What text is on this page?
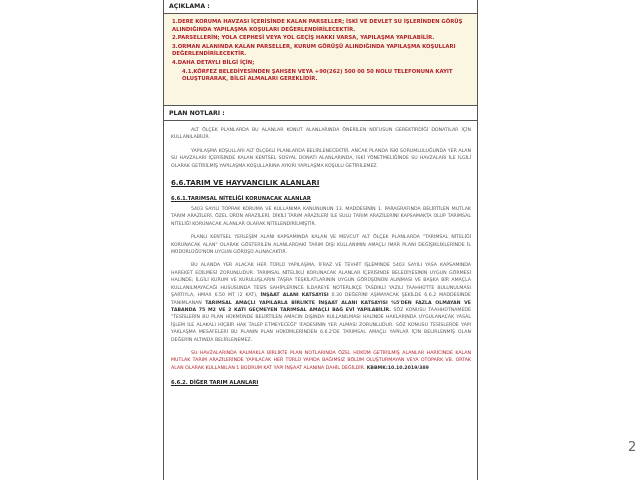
AÇIKLAMA :
1.DERE KORUMA HAVZASI İÇERİSİNDE KALAN PARSELLER; İSKİ VE DEVLET SU İŞLERİNDEN GÖRÜŞ ALINDIĞINDA YAPILAŞMA KOŞULARI DEĞERLENDİRİLECEKTİR.
2.PARSELLERİN; YOLA CEPHESİ VEYA YOL GEÇİŞ HAKKI VARSA, YAPILAŞMA YAPILABİLİR.
3.ORMAN ALANINDA KALAN PARSELLER, KURUM GÖRÜŞÜ ALINDIĞINDA YAPILAŞMA KOŞULLARI DEĞERLENDİRİLECEKTİR.
4.DAHA DETAYLI BİLGİ İÇİN;
4.1.KÖRFEZ BELEDİYESİNDEN ŞAHSEN VEYA +90(262) 500 00 50 NOLU TELEFONUNA KAYIT OLUŞTURARAK, BİLGİ ALMALARI GEREKLİDİR.
PLAN NOTLARI :

ALT ÖLÇEK PLANLARDA BU ALANLAR KONUT ALANLARINDA ÖNERİLEN NÜFUSUN GEREKTİRDİĞİ DONATILAR İÇİN KULLANILABİLİR.

YAPILAŞMA KOŞULLARI ALT ÖLÇEKLİ PLANLARDA BELİRLENECEKTİR. ANCAK PLANDA İSKİ SORUMLULUĞUNDA YER ALAN SU HAVZALARI İÇERİSİNDE KALAN KENTSEL SOSYAL DONATI ALANLARINDA, İSKİ YÖNETMELİĞİNDE SU HAVZALARI İLE İLGİLİ OLARAK GETİRİLMİŞ YAPILAŞMA KOŞULLARINA AYKIRI YAPILAŞMA KOŞULU GETİRİLEMEZ.

6.6.TARIM VE HAYVANCILIK ALANLARI
6.6.1.TARIMSAL NİTELİĞİ KORUNACAK ALANLAR

5403 SAYILI TOPRAK KORUMA VE KULLANIMA KANUNUNUN 13. MADDESİNİN 1. PARAGRAFINDA BELİRTİLEN MUTLAK TARIM ARAZİLERİ, ÖZEL ÜRÜN ARAZİLERİ, DİKİLİ TARIM ARAZİLERİ İLE SULU TARIM ARAZİLERİNİ KAPSAMAKTA OLUP TARIMSAL NİTELİĞİ KORUNACAK ALANLAR OLARAK NİTELENDİRİLMİŞTİR.

PLANLI KENTSEL YERLEŞİM ALANI KAPSAMINDA KALAN VE MEVCUT ALT ÖLÇEK PLANLARDA "TARIMSAL NİTELİĞİ KORUNACAK ALAN" OLARAK GÖSTERİLEN ALANLARDAKİ TARIM DIŞI KULLANIMIN AMAÇLI İMAR PLANI DEĞİŞİKLİKLERİNDE İL MÜDÜRLÜĞÜ'NÜN UYGUN GÖRÜŞÜ ALINACAKTIR.

BU ALANDA YER ALACAK HER TÜRLÜ YAPILAŞMA, İFRAZ VE TEVHİT İŞLEMİNDE 5403 SAYILI YASA KAPSAMINDA HAREKET EDİLMESİ ZORUNLUDUR. TARIMSAL NİTELİKLİ KORUNACAK ALANLAR İÇERİSİNDE BELEDİYESİNİN UYGUN GÖRMESİ HALİNDE; İLGİLİ KURUM VE KURULUŞLARIN TAŞRA TEŞKİLATLARININ UYGUN GÖRÜŞÜNÜN ALINMASI VE BAŞKA BİR AMAÇLA KULLANILMAYACAĞI HUSUSUNDA TESİS SAHİPLERİNCE İLDAREYE NOTERLİKÇE TASDİKLİ YAZILI TAAHHÜTTE BULUNULMASI ŞARTIYLA, HMAX 6.50 MT (2 KAT), İNŞAAT ALANI KATSAYISI 0.30 DEĞERİNİ AŞMAYACAK ŞEKİLDE 6.6.2 MADDESİNDE TANIMLANAN TARIMSAL AMAÇLI YAPILARLA BİRLİKTE İNŞAAT ALANI KATSAYISI %5'DEN FAZLA OLMAYAN VE TABANDA 75 M2 VE 2 KATI GEÇMEYEN TARIMSAL AMAÇLI BAĞ EVİ YAPILABİLİR. SÖZ KONUSU TAAHHÜTNAMEDE "TESİSLERİN BU PLAN HÜKMÜNDE BELİRTİLEN AMACIN DIŞINDA KULLANILMASI HALİNDE HAKLARINDA UYGULANACAK YASAL İŞLEM İLE ALAKALI HİÇBİR HAK TALEP ETMEYECEĞİ" İFADESİNİN YER ALMASI ZORUNLUDUR. SÖZ KONUSU TESİSLERDE YAPI YAKLAŞMA MESAFELERİ BU PLANIN PLAN HÜKÜMLERİNDEN 6.6.2'DE TARIMSAL AMAÇLI YAPILAR İÇİN BELİRLENMİŞ OLAN DEĞERİN ALTINDA BELİRLENEMEZ.

SU HAVZALARINDA KALMAKLA BİRLİKTE PLAN NOTLARINDA ÖZEL HÜKÜM GETİRİLMİŞ ALANLAR HARİCİNDE KALAN MUTLAK TARIM ARAZİLERİNDE YAPILACAK HER TÜRLÜ YAPIDA BAĞIMSIZ BÖLÜM OLUŞTURMAYAN VEYA OTOPARK VB. ORTAK ALAN OLARAK KULLANILAN 1 BODRUM KAT YAPI İNŞAAT ALANINA DAHİL DEĞİLDİR. KBBMK:10.10.2019/389

6.6.2. DİĞER TARIM ALANLARI
2
